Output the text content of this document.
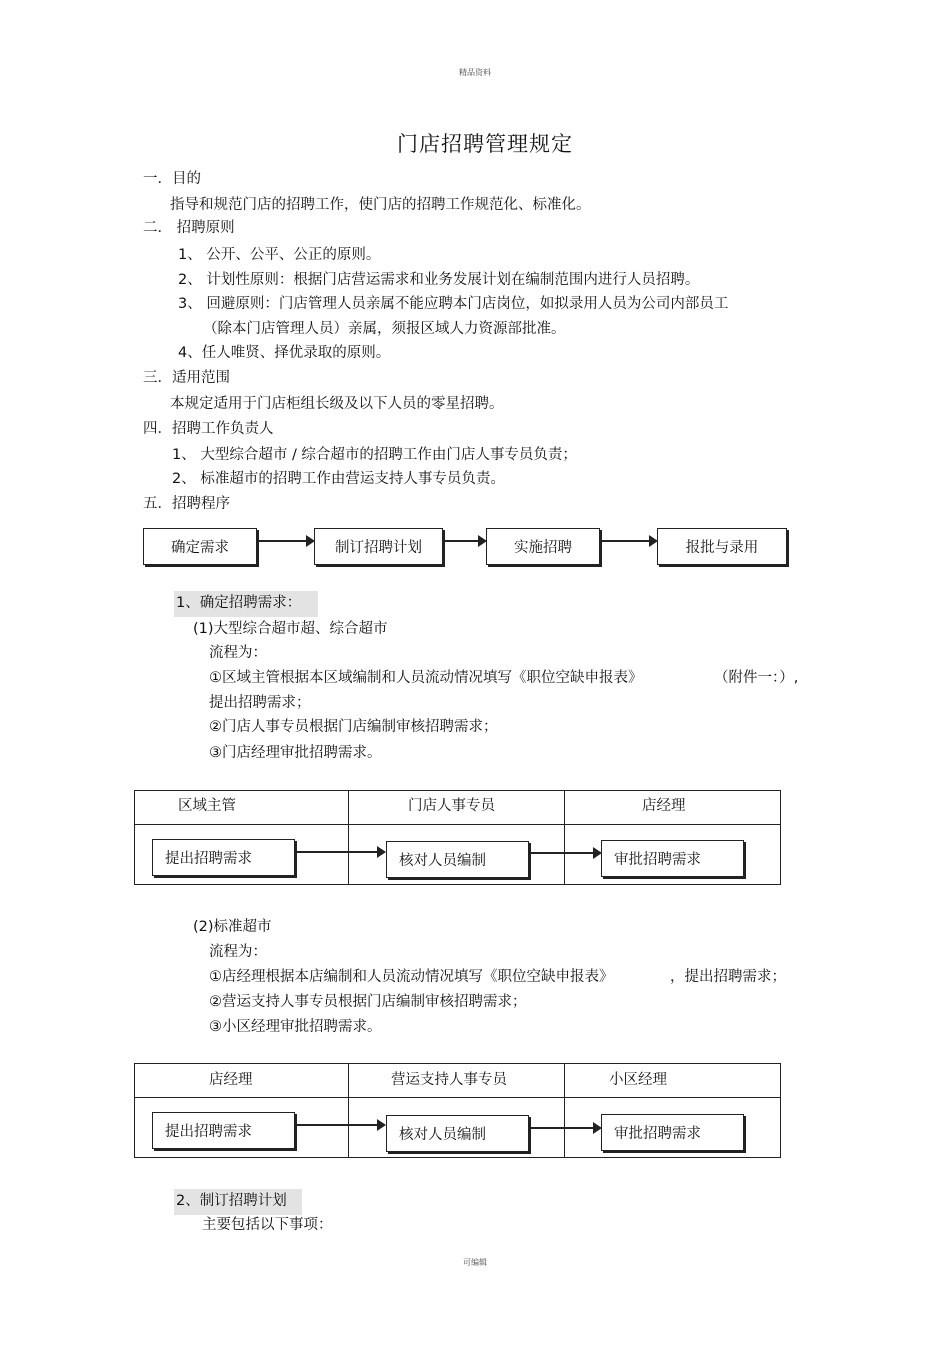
精品资料
可编辑
门店招聘管理规定
一．目的
指导和规范门店的招聘工作，使门店的招聘工作规范化、标准化。
二． 招聘原则
1、 公开、公平、公正的原则。
2、 计划性原则：根据门店营运需求和业务发展计划在编制范围内进行人员招聘。
3、 回避原则：门店管理人员亲属不能应聘本门店岗位，如拟录用人员为公司内部员工
（除本门店管理人员）亲属，须报区域人力资源部批准。
4、任人唯贤、择优录取的原则。
三．适用范围
本规定适用于门店柜组长级及以下人员的零星招聘。
四．招聘工作负责人
1、 大型综合超市 / 综合超市的招聘工作由门店人事专员负责；
2、 标准超市的招聘工作由营运支持人事专员负责。
五．招聘程序
确定需求	制订招聘计划	实施招聘	报批与录用
1、确定招聘需求：
(1)大型综合超市超、综合超市
流程为：
①区域主管根据本区域编制和人员流动情况填写《职位空缺申报表》	（附件一：）,
提出招聘需求；
②门店人事专员根据门店编制审核招聘需求；
③门店经理审批招聘需求。
区域主管	门店人事专员	店经理

提出招聘需求	核对人员编制	审批招聘需求
(2)标准超市
流程为：
①店经理根据本店编制和人员流动情况填写《职位空缺申报表》	，提出招聘需求；
②营运支持人事专员根据门店编制审核招聘需求；
③小区经理审批招聘需求。
店经理	营运支持人事专员	小区经理

提出招聘需求	核对人员编制	审批招聘需求
2、制订招聘计划
主要包括以下事项：
